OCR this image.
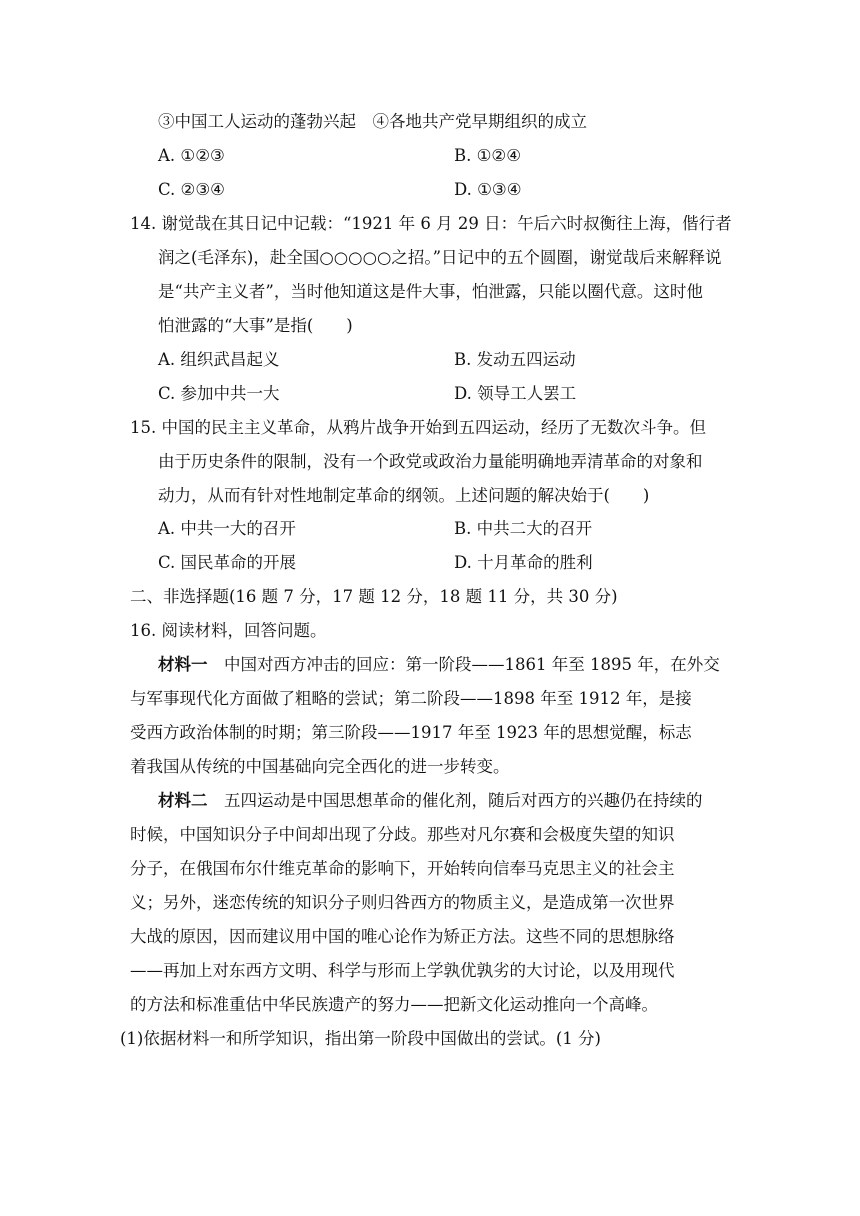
③中国工人运动的蓬勃兴起　④各地共产党早期组织的成立
A. ①②③	B. ①②④
C. ②③④	D. ①③④
14. 谢觉哉在其日记中记载：“1921 年 6 月 29 日：午后六时叔衡往上海，偕行者
润之(毛泽东)，赴全国○○○○○之招。”日记中的五个圆圈，谢觉哉后来解释说
是“共产主义者”，当时他知道这是件大事，怕泄露，只能以圈代意。这时他
怕泄露的“大事”是指(　　)
A. 组织武昌起义	B. 发动五四运动
C. 参加中共一大	D. 领导工人罢工
15. 中国的民主主义革命，从鸦片战争开始到五四运动，经历了无数次斗争。但
由于历史条件的限制，没有一个政党或政治力量能明确地弄清革命的对象和
动力，从而有针对性地制定革命的纲领。上述问题的解决始于(　　)
A. 中共一大的召开	B. 中共二大的召开
C. 国民革命的开展	D. 十月革命的胜利
二、非选择题(16 题 7 分，17 题 12 分，18 题 11 分，共 30 分)
16. 阅读材料，回答问题。
材料一　中国对西方冲击的回应：第一阶段——1861 年至 1895 年，在外交
与军事现代化方面做了粗略的尝试；第二阶段——1898 年至 1912 年，是接
受西方政治体制的时期；第三阶段——1917 年至 1923 年的思想觉醒，标志
着我国从传统的中国基础向完全西化的进一步转变。
材料二　五四运动是中国思想革命的催化剂，随后对西方的兴趣仍在持续的
时候，中国知识分子中间却出现了分歧。那些对凡尔赛和会极度失望的知识
分子，在俄国布尔什维克革命的影响下，开始转向信奉马克思主义的社会主
义；另外，迷恋传统的知识分子则归咎西方的物质主义，是造成第一次世界
大战的原因，因而建议用中国的唯心论作为矫正方法。这些不同的思想脉络
——再加上对东西方文明、科学与形而上学孰优孰劣的大讨论，以及用现代
的方法和标准重估中华民族遗产的努力——把新文化运动推向一个高峰。
(1)依据材料一和所学知识，指出第一阶段中国做出的尝试。(1 分)
